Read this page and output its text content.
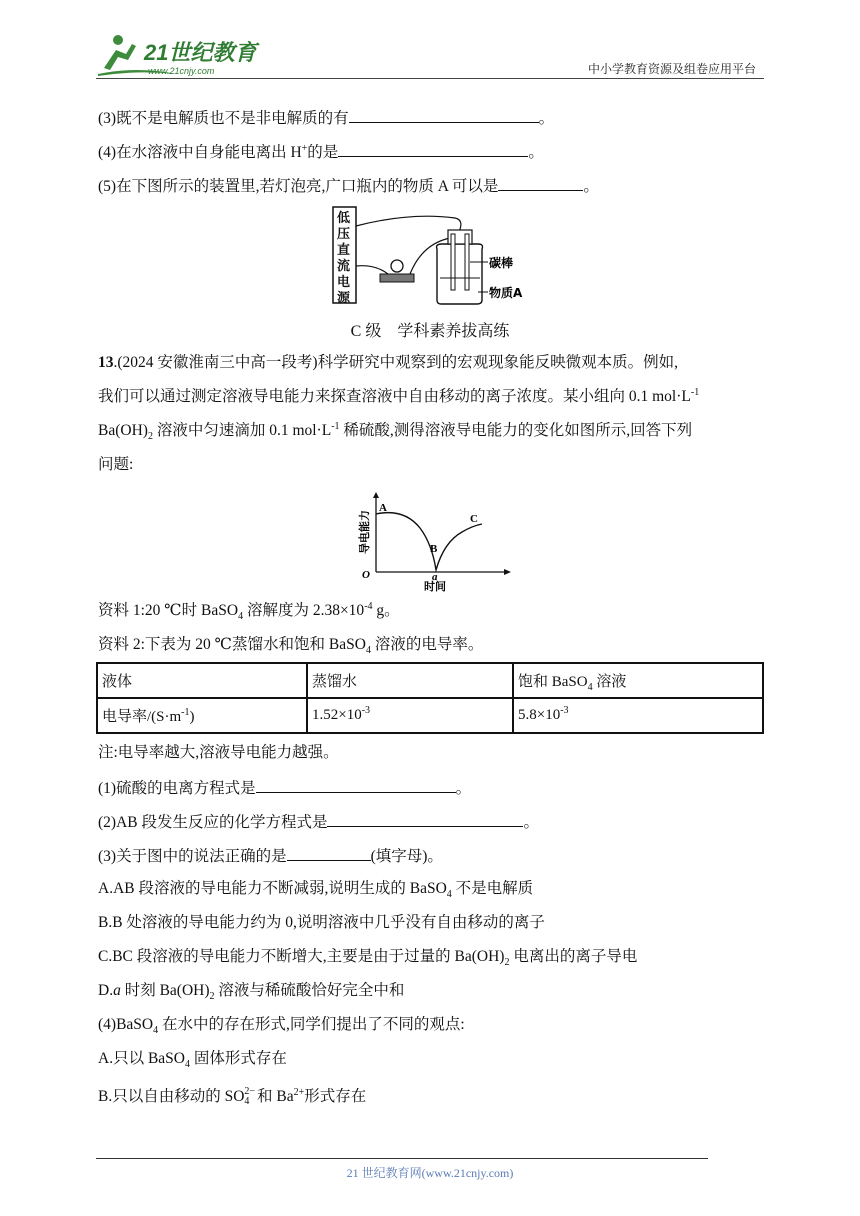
21世纪教育
www.21cnjy.com	中小学教育资源及组卷应用平台
(3)既不是电解质也不是非电解质的有	。
(4)在水溶液中自身能电离出 H+的是	。
(5)在下图所示的装置里,若灯泡亮,广口瓶内的物质 A 可以是	。
低
压
直
流
电
源
碳棒
物质A
C 级　学科素养拔高练
13.(2024 安徽淮南三中高一段考)科学研究中观察到的宏观现象能反映微观本质。例如,
我们可以通过测定溶液导电能力来探查溶液中自由移动的离子浓度。某小组向 0.1 $mol\cdot L^{-1}$
$Ba(OH)_2$ 溶液中匀速滴加 0.1 $mol\cdot L^{-1}$ 稀硫酸,测得溶液导电能力的变化如图所示,回答下列
问题:
A
B
C
a
O
时间
导电能力
资料 1:20 ℃时 BaSO$_4$ 溶解度为 $2.38\times 10^{-4}$ g。
资料 2:下表为 20 ℃蒸馏水和饱和 BaSO$_4$ 溶液的电导率。
液体	蒸馏水	饱和 BaSO$_4$ 溶液
电导率$/(S\cdot m^{-1})$	$1.52\times 10^{-3}$	$5.8\times 10^{-3}$
注:电导率越大,溶液导电能力越强。
(1)硫酸的电离方程式是	。
(2)AB 段发生反应的化学方程式是	。
(3)关于图中的说法正确的是	(填字母)。
A.AB 段溶液的导电能力不断减弱,说明生成的 BaSO$_4$ 不是电解质
B.B 处溶液的导电能力约为 0,说明溶液中几乎没有自由移动的离子
C.BC 段溶液的导电能力不断增大,主要是由于过量的 $Ba(OH)_2$ 电离出的离子导电
D.a 时刻 $Ba(OH)_2$ 溶液与稀硫酸恰好完全中和
(4)BaSO$_4$ 在水中的存在形式,同学们提出了不同的观点:
A.只以 BaSO$_4$ 固体形式存在
B.只以自由移动的 SO 2−
4 和 $Ba^{2+}$形式存在
21 世纪教育网(www.21cnjy.com)
